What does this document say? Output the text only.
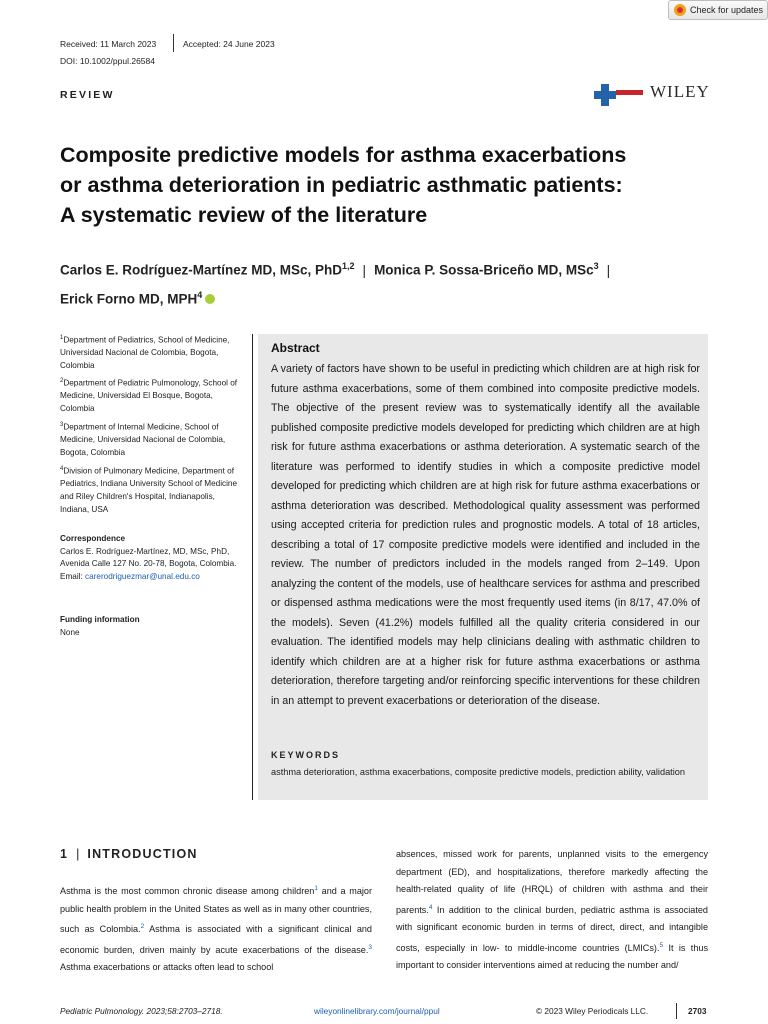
Check for updates
Received: 11 March 2023	Accepted: 24 June 2023
DOI: 10.1002/ppul.26584
REVIEW	WILEY
Composite predictive models for asthma exacerbations
or asthma deterioration in pediatric asthmatic patients:
A systematic review of the literature
Carlos E. Rodríguez-Martínez MD, MSc, PhD$^{1,2}$ | Monica P. Sossa-Briceño MD, MSc$^3$ |
Erick Forno MD, MPH$^4$
$^1$Department of Pediatrics, School of Medicine, Universidad Nacional de Colombia, Bogota, Colombia
$^2$Department of Pediatric Pulmonology, School of Medicine, Universidad El Bosque, Bogota, Colombia
$^3$Department of Internal Medicine, School of Medicine, Universidad Nacional de Colombia, Bogota, Colombia
$^4$Division of Pulmonary Medicine, Department of Pediatrics, Indiana University School of Medicine and Riley Children's Hospital, Indianapolis, Indiana, USA
Correspondence
Carlos E. Rodríguez-Martínez, MD, MSc, PhD, Avenida Calle 127 No. 20-78, Bogota, Colombia.
Email: carerodriguezmar@unal.edu.co
Funding information
None
Abstract
A variety of factors have shown to be useful in predicting which children are at high risk for future asthma exacerbations, some of them combined into composite predictive models. The objective of the present review was to systematically identify all the available published composite predictive models developed for predicting which children are at high risk for future asthma exacerbations or asthma deterioration. A systematic search of the literature was performed to identify studies in which a composite predictive model developed for predicting which children are at high risk for future asthma exacerbations or asthma deterioration was described. Methodological quality assessment was performed using accepted criteria for prediction rules and prognostic models. A total of 18 articles, describing a total of 17 composite predictive models were identified and included in the review. The number of predictors included in the models ranged from 2–149. Upon analyzing the content of the models, use of healthcare services for asthma and prescribed or dispensed asthma medications were the most frequently used items (in 8/17, 47.0% of the models). Seven (41.2%) models fulfilled all the quality criteria considered in our evaluation. The identified models may help clinicians dealing with asthmatic children to identify which children are at a higher risk for future asthma exacerbations or asthma deterioration, therefore targeting and/or reinforcing specific interventions for these children in an attempt to prevent exacerbations or deterioration of the disease.
KEYWORDS
asthma deterioration, asthma exacerbations, composite predictive models, prediction ability, validation
1 | INTRODUCTION
Asthma is the most common chronic disease among children$^1$ and a major public health problem in the United States as well as in many other countries, such as Colombia.$^2$ Asthma is associated with a significant clinical and economic burden, driven mainly by acute exacerbations of the disease.$^3$ Asthma exacerbations or attacks often lead to school
absences, missed work for parents, unplanned visits to the emergency department (ED), and hospitalizations, therefore markedly affecting the health-related quality of life (HRQL) of children with asthma and their parents.$^4$ In addition to the clinical burden, pediatric asthma is associated with significant economic burden in terms of direct, direct, and intangible costs, especially in low- to middle-income countries (LMICs).$^5$ It is thus important to consider interventions aimed at reducing the number and/
Pediatric Pulmonology. 2023;58:2703–2718.	wileyonlinelibrary.com/journal/ppul	© 2023 Wiley Periodicals LLC.	2703
